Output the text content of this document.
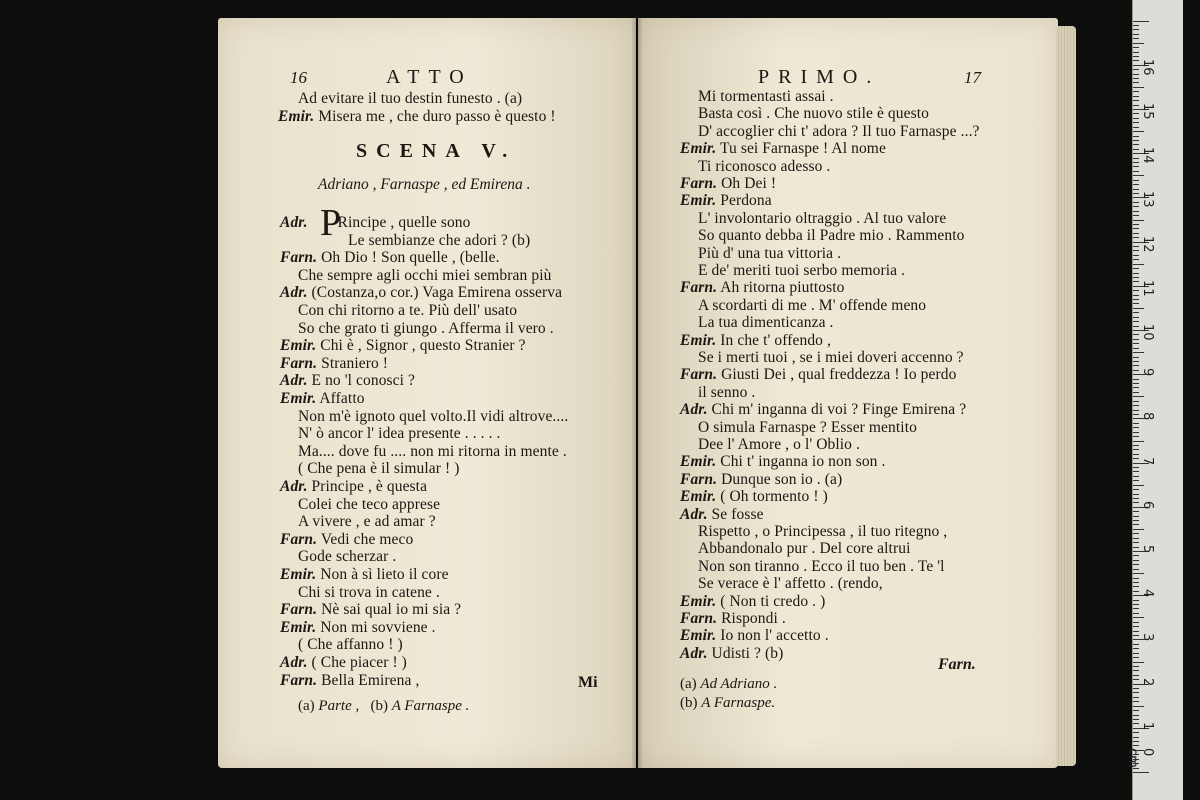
16	ATTO
Ad evitare il tuo destin funesto . (a)
Emir. Misera me , che duro passo è questo !
SCENA V.
Adriano , Farnaspe , ed Emirena .
P
Adr. Rincipe , quelle sono
Le sembianze che adori ? (b)
Farn. Oh Dio ! Son quelle , (belle.
Che sempre agli occhi miei sembran più
Adr. (Costanza,o cor.) Vaga Emirena osserva
Con chi ritorno a te. Più dell' usato
So che grato ti giungo . Afferma il vero .
Emir. Chi è , Signor , questo Stranier ?
Farn. Straniero !
Adr. E no 'l conosci ?
Emir. Affatto
Non m'è ignoto quel volto.Il vidi altrove....
N' ò ancor l' idea presente . . . . .
Ma.... dove fu .... non mi ritorna in mente .
( Che pena è il simular ! )
Adr. Principe , è questa
Colei che teco apprese
A vivere , e ad amar ?
Farn. Vedi che meco
Gode scherzar .
Emir. Non à sì lieto il core
Chi si trova in catene .
Farn. Nè sai qual io mi sia ?
Emir. Non mi sovviene .
( Che affanno ! )
Adr. ( Che piacer ! )
Farn. Bella Emirena ,	Mi
(a) Parte , (b) A Farnaspe .
PRIMO.	17
Mi tormentasti assai .
Basta così . Che nuovo stile è questo
D' accoglier chi t' adora ? Il tuo Farnaspe ...?
Emir. Tu sei Farnaspe ! Al nome
Ti riconosco adesso .
Farn. Oh Dei !
Emir. Perdona
L' involontario oltraggio . Al tuo valore
So quanto debba il Padre mio . Rammento
Più d' una tua vittoria .
E de' meriti tuoi serbo memoria .
Farn. Ah ritorna piuttosto
A scordarti di me . M' offende meno
La tua dimenticanza .
Emir. In che t' offendo ,
Se i merti tuoi , se i miei doveri accenno ?
Farn. Giusti Dei , qual freddezza ! Io perdo
il senno .
Adr. Chi m' inganna di voi ? Finge Emirena ?
O simula Farnaspe ? Esser mentito
Dee l' Amore , o l' Oblio .
Emir. Chi t' inganna io non son .
Farn. Dunque son io . (a)
Emir. ( Oh tormento ! )
Adr. Se fosse
Rispetto , o Principessa , il tuo ritegno ,
Abbandonalo pur . Del core altrui
Non son tiranno . Ecco il tuo ben . Te 'l
Se verace è l' affetto . (rendo,
Emir. ( Non ti credo . )
Farn. Rispondi .
Emir. Io non l' accetto .
Adr. Udisti ? (b)
Farn.
(a) Ad Adriano .
(b) A Farnaspe.
1
2
3
4
5
6
7
8
9
10
11
12
13
14
15
16
0 cm
